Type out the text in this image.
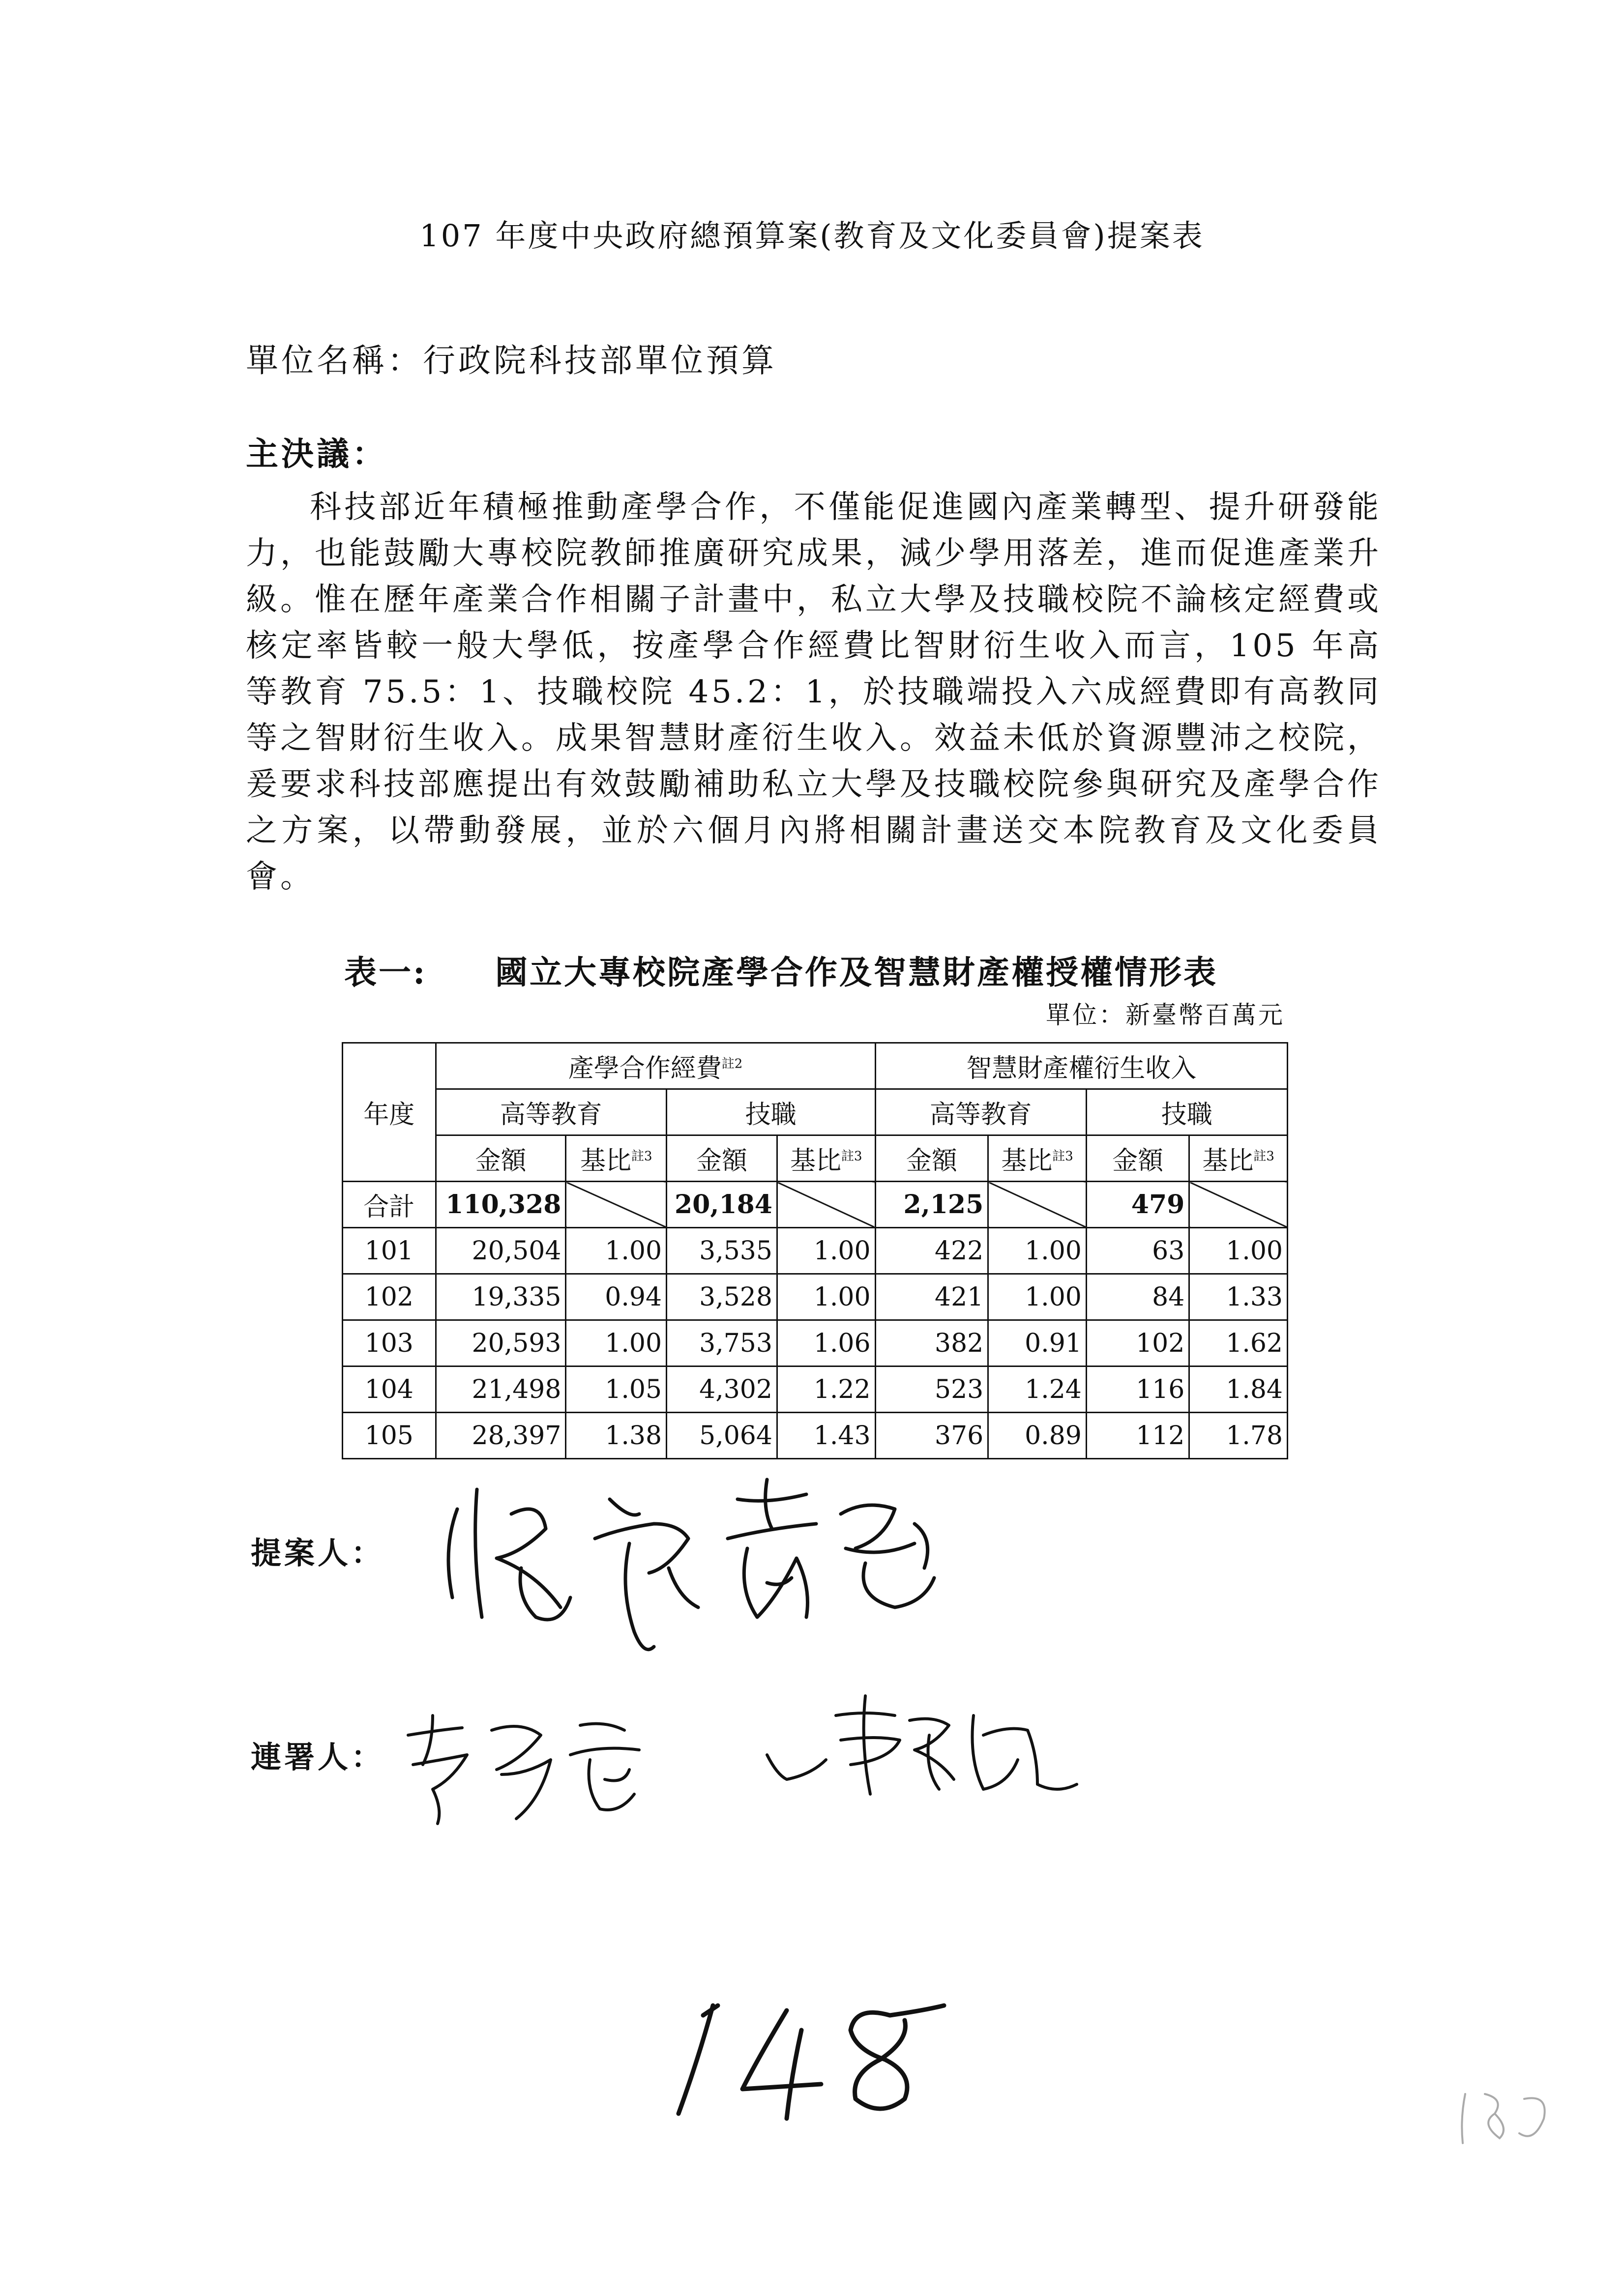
107 年度中央政府總預算案(教育及文化委員會)提案表
單位名稱：行政院科技部單位預算
主決議：

科技部近年積極推動產學合作，不僅能促進國內產業轉型、提升研發能力，也能鼓勵大專校院教師推廣研究成果，減少學用落差，進而促進產業升級。惟在歷年產業合作相關子計畫中，私立大學及技職校院不論核定經費或核定率皆較一般大學低，按產學合作經費比智財衍生收入而言，105 年高等教育 75.5：1、技職校院 45.2：1，於技職端投入六成經費即有高教同等之智財衍生收入。成果智慧財產衍生收入。效益未低於資源豐沛之校院，爰要求科技部應提出有效鼓勵補助私立大學及技職校院參與研究及產學合作之方案，以帶動發展，並於六個月內將相關計畫送交本院教育及文化委員會。

表一: 國立大專校院產學合作及智慧財產權授權情形表
單位：新臺幣百萬元
年度	產學合作經費$^{註2}$				智慧財產權衍生收入			
	高等教育		技職		高等教育		技職	
	金額	基比$^{註3}$	金額	基比$^{註3}$	金額	基比$^{註3}$	金額	基比$^{註3}$
合計	110,328		20,184		2,125		479	
101	20,504	1.00	3,535	1.00	422	1.00	63	1.00
102	19,335	0.94	3,528	1.00	421	1.00	84	1.33
103	20,593	1.00	3,753	1.06	382	0.91	102	1.62
104	21,498	1.05	4,302	1.22	523	1.24	116	1.84
105	28,397	1.38	5,064	1.43	376	0.89	112	1.78
提案人：
連署人：
